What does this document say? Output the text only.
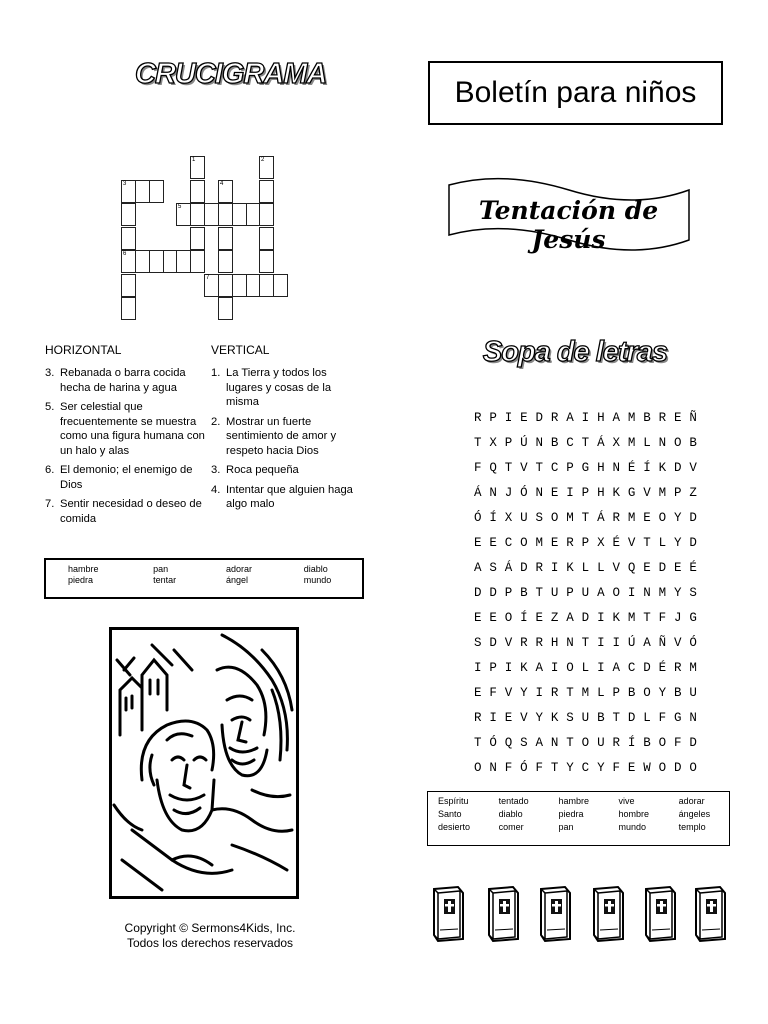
CRUCIGRAMA
1	2
3	4
5
6
7
HORIZONTAL	VERTICAL
3. Rebanada o barra cocida hecha de harina y agua
5. Ser celestial que frecuentemente se muestra como una figura humana con un halo y alas
6. El demonio; el enemigo de Dios
7. Sentir necesidad o deseo de comida
1. La Tierra y todos los lugares y cosas de la misma
2. Mostrar un fuerte sentimiento de amor y respeto hacia Dios
3. Roca pequeña
4. Intentar que alguien haga algo malo
hambre	pan	adorar	diablo
piedra	tentar	ángel	mundo
Copyright © Sermons4Kids, Inc.
Todos los derechos reservados
Boletín para niños
Tentación de Jesús
Sopa de letras
R P I E D R A I H A M B R E Ñ
T X P Ú N B C T Á X M L N O B
F Q T V T C P G H N É Í K D V
Á N J Ó N E I P H K G V M P Z
Ó Í X U S O M T Á R M E O Y D
E E C O M E R P X É V T L Y D
A S Á D R I K L L V Q E D E É
D D P B T U P U A O I N M Y S
E E O Í E Z A D I K M T F J G
S D V R R H N T I I Ú A Ñ V Ó
I P I K A I O L I A C D É R M
E F V Y I R T M L P B O Y B U
R I E V Y K S U B T D L F G N
T Ó Q S A N T O U R Í B O F D
O N F Ó F T Y C Y F E W O D O
Espíritu	tentado	hambre	vive	adorar
Santo	diablo	piedra	hombre	ángeles
desierto	comer	pan	mundo	templo
